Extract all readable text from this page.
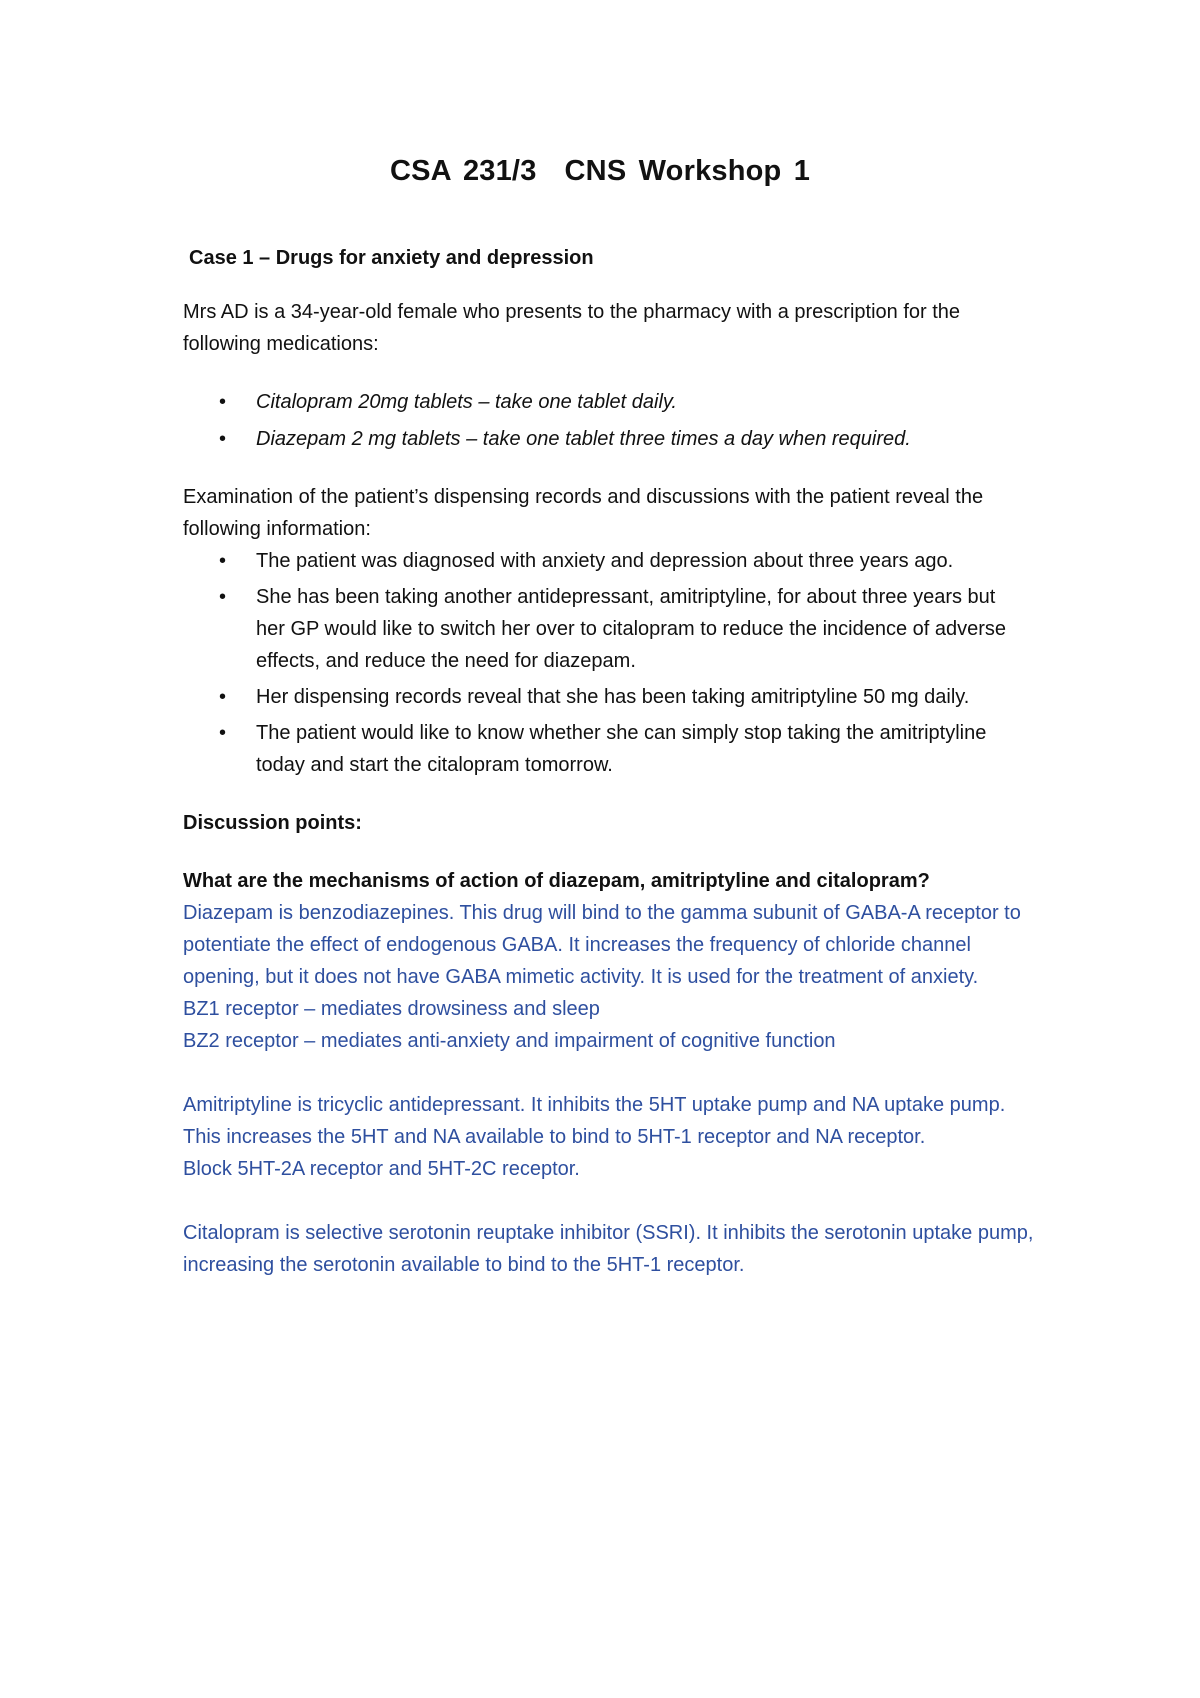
CSA 231/3 CNS Workshop 1

Case 1 – Drugs for anxiety and depression

Mrs AD is a 34-year-old female who presents to the pharmacy with a prescription for the following medications:

• Citalopram 20mg tablets – take one tablet daily.
• Diazepam 2 mg tablets – take one tablet three times a day when required.

Examination of the patient’s dispensing records and discussions with the patient reveal the following information:

• The patient was diagnosed with anxiety and depression about three years ago.
• She has been taking another antidepressant, amitriptyline, for about three years but her GP would like to switch her over to citalopram to reduce the incidence of adverse effects, and reduce the need for diazepam.
• Her dispensing records reveal that she has been taking amitriptyline 50 mg daily.
• The patient would like to know whether she can simply stop taking the amitriptyline today and start the citalopram tomorrow.

Discussion points:

What are the mechanisms of action of diazepam, amitriptyline and citalopram?

Diazepam is benzodiazepines. This drug will bind to the gamma subunit of GABA-A receptor to potentiate the effect of endogenous GABA. It increases the frequency of chloride channel opening, but it does not have GABA mimetic activity. It is used for the treatment of anxiety.

BZ1 receptor – mediates drowsiness and sleep

BZ2 receptor – mediates anti-anxiety and impairment of cognitive function

Amitriptyline is tricyclic antidepressant. It inhibits the 5HT uptake pump and NA uptake pump. This increases the 5HT and NA available to bind to 5HT-1 receptor and NA receptor.

Block 5HT-2A receptor and 5HT-2C receptor.

Citalopram is selective serotonin reuptake inhibitor (SSRI). It inhibits the serotonin uptake pump, increasing the serotonin available to bind to the 5HT-1 receptor.
